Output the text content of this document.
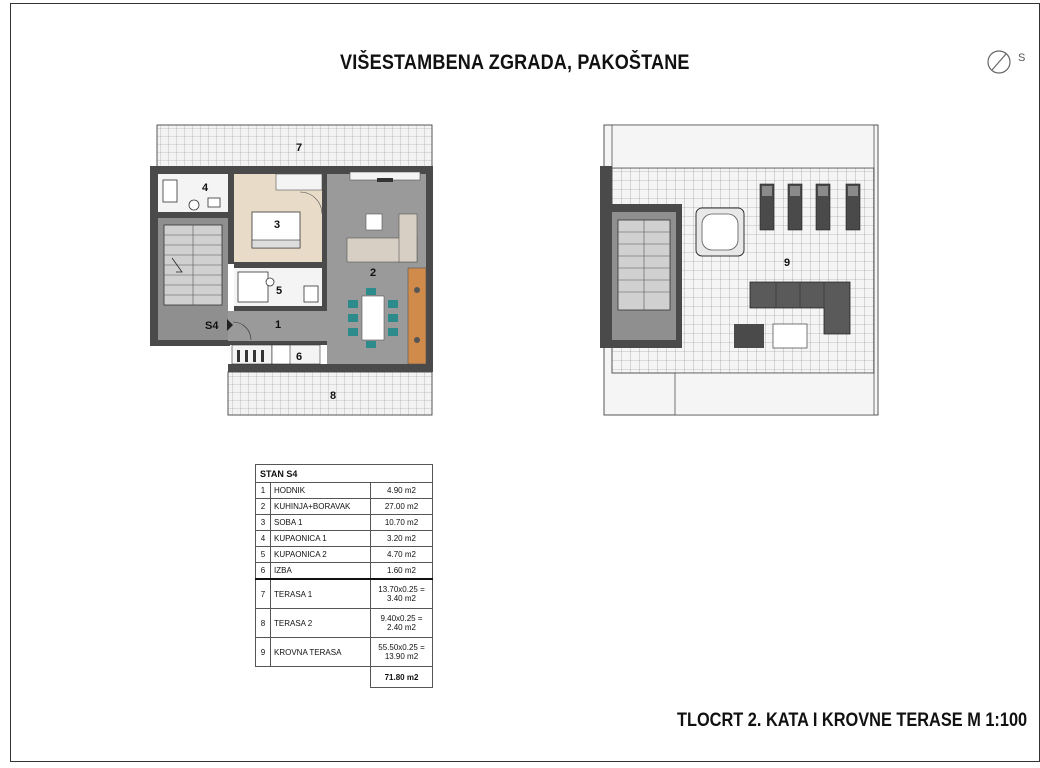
VIŠESTAMBENA ZGRADA, PAKOŠTANE	S
7
4
3
2
5
S4	1
6
8
9
STAN S4		
1	HODNIK	4.90 m2
2	KUHINJA+BORAVAK	27.00 m2
3	SOBA 1	10.70 m2
4	KUPAONICA 1	3.20 m2
5	KUPAONICA 2	4.70 m2
6	IZBA	1.60 m2
7	TERASA 1	13.70x0.25 = 3.40 m2
8	TERASA 2	9.40x0.25 = 2.40 m2
9	KROVNA TERASA	55.50x0.25 = 13.90 m2
		71.80 m2
TLOCRT 2. KATA I KROVNE TERASE M 1:100
